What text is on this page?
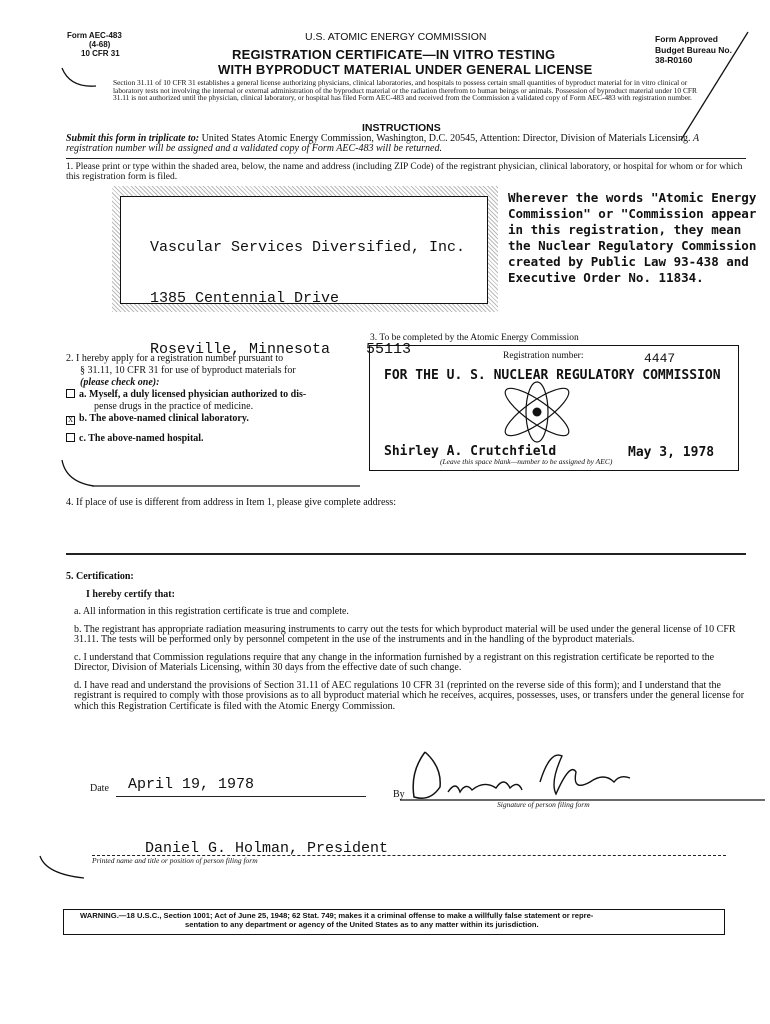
Form AEC-483
(4-68)
10 CFR 31
U.S. ATOMIC ENERGY COMMISSION
REGISTRATION CERTIFICATE—IN VITRO TESTING
WITH BYPRODUCT MATERIAL UNDER GENERAL LICENSE
Form Approved
Budget Bureau No.
38-R0160
Section 31.11 of 10 CFR 31 establishes a general license authorizing physicians, clinical laboratories, and hospitals to possess certain small quantities of byproduct material for in vitro clinical or laboratory tests not involving the internal or external administration of the byproduct material or the radiation therefrom to human beings or animals. Possession of byproduct material under 10 CFR 31.11 is not authorized until the physician, clinical laboratory, or hospital has filed Form AEC-483 and received from the Commission a validated copy of Form AEC-483 with registration number.
INSTRUCTIONS
Submit this form in triplicate to: United States Atomic Energy Commission, Washington, D.C. 20545, Attention: Director, Division of Materials Licensing. A registration number will be assigned and a validated copy of Form AEC-483 will be returned.
1. Please print or type within the shaded area, below, the name and address (including ZIP Code) of the registrant physician, clinical laboratory, or hospital for whom or for which this registration form is filed.

Vascular Services Diversified, Inc.

1385 Centennial Drive

Roseville, Minnesota    55113

Wherever the words "Atomic Energy Commission" or "Commission appear in this registration, they mean the Nuclear Regulatory Commission created by Public Law 93-438 and Executive Order No. 11834.
3. To be completed by the Atomic Energy Commission
Registration number:	4447
FOR THE U. S. NUCLEAR REGULATORY COMMISSION
Shirley A. Crutchfield	May 3, 1978
(Leave this space blank—number to be assigned by AEC)
2. I hereby apply for a registration number pursuant to
§ 31.11, 10 CFR 31 for use of byproduct materials for
(please check one):
a. Myself, a duly licensed physician authorized to dis-
pense drugs in the practice of medicine.
X b. The above-named clinical laboratory.
c. The above-named hospital.
4. If place of use is different from address in Item 1, please give complete address:

5. Certification:

I hereby certify that:

a. All information in this registration certificate is true and complete.

b. The registrant has appropriate radiation measuring instruments to carry out the tests for which byproduct material will be used under the general license of 10 CFR 31.11. The tests will be performed only by personnel competent in the use of the instruments and in the handling of the byproduct materials.

c. I understand that Commission regulations require that any change in the information furnished by a registrant on this registration certificate be reported to the Director, Division of Materials Licensing, within 30 days from the effective date of such change.

d. I have read and understand the provisions of Section 31.11 of AEC regulations 10 CFR 31 (reprinted on the reverse side of this form); and I understand that the registrant is required to comply with those provisions as to all byproduct material which he receives, acquires, possesses, uses, or transfers under the general license for which this Registration Certificate is filed with the Atomic Energy Commission.

Date April 19, 1978
By
Signature of person filing form
Daniel G. Holman, President
Printed name and title or position of person filing form
WARNING.—18 U.S.C., Section 1001; Act of June 25, 1948; 62 Stat. 749; makes it a criminal offense to make a willfully false statement or repre-
sentation to any department or agency of the United States as to any matter within its jurisdiction.
